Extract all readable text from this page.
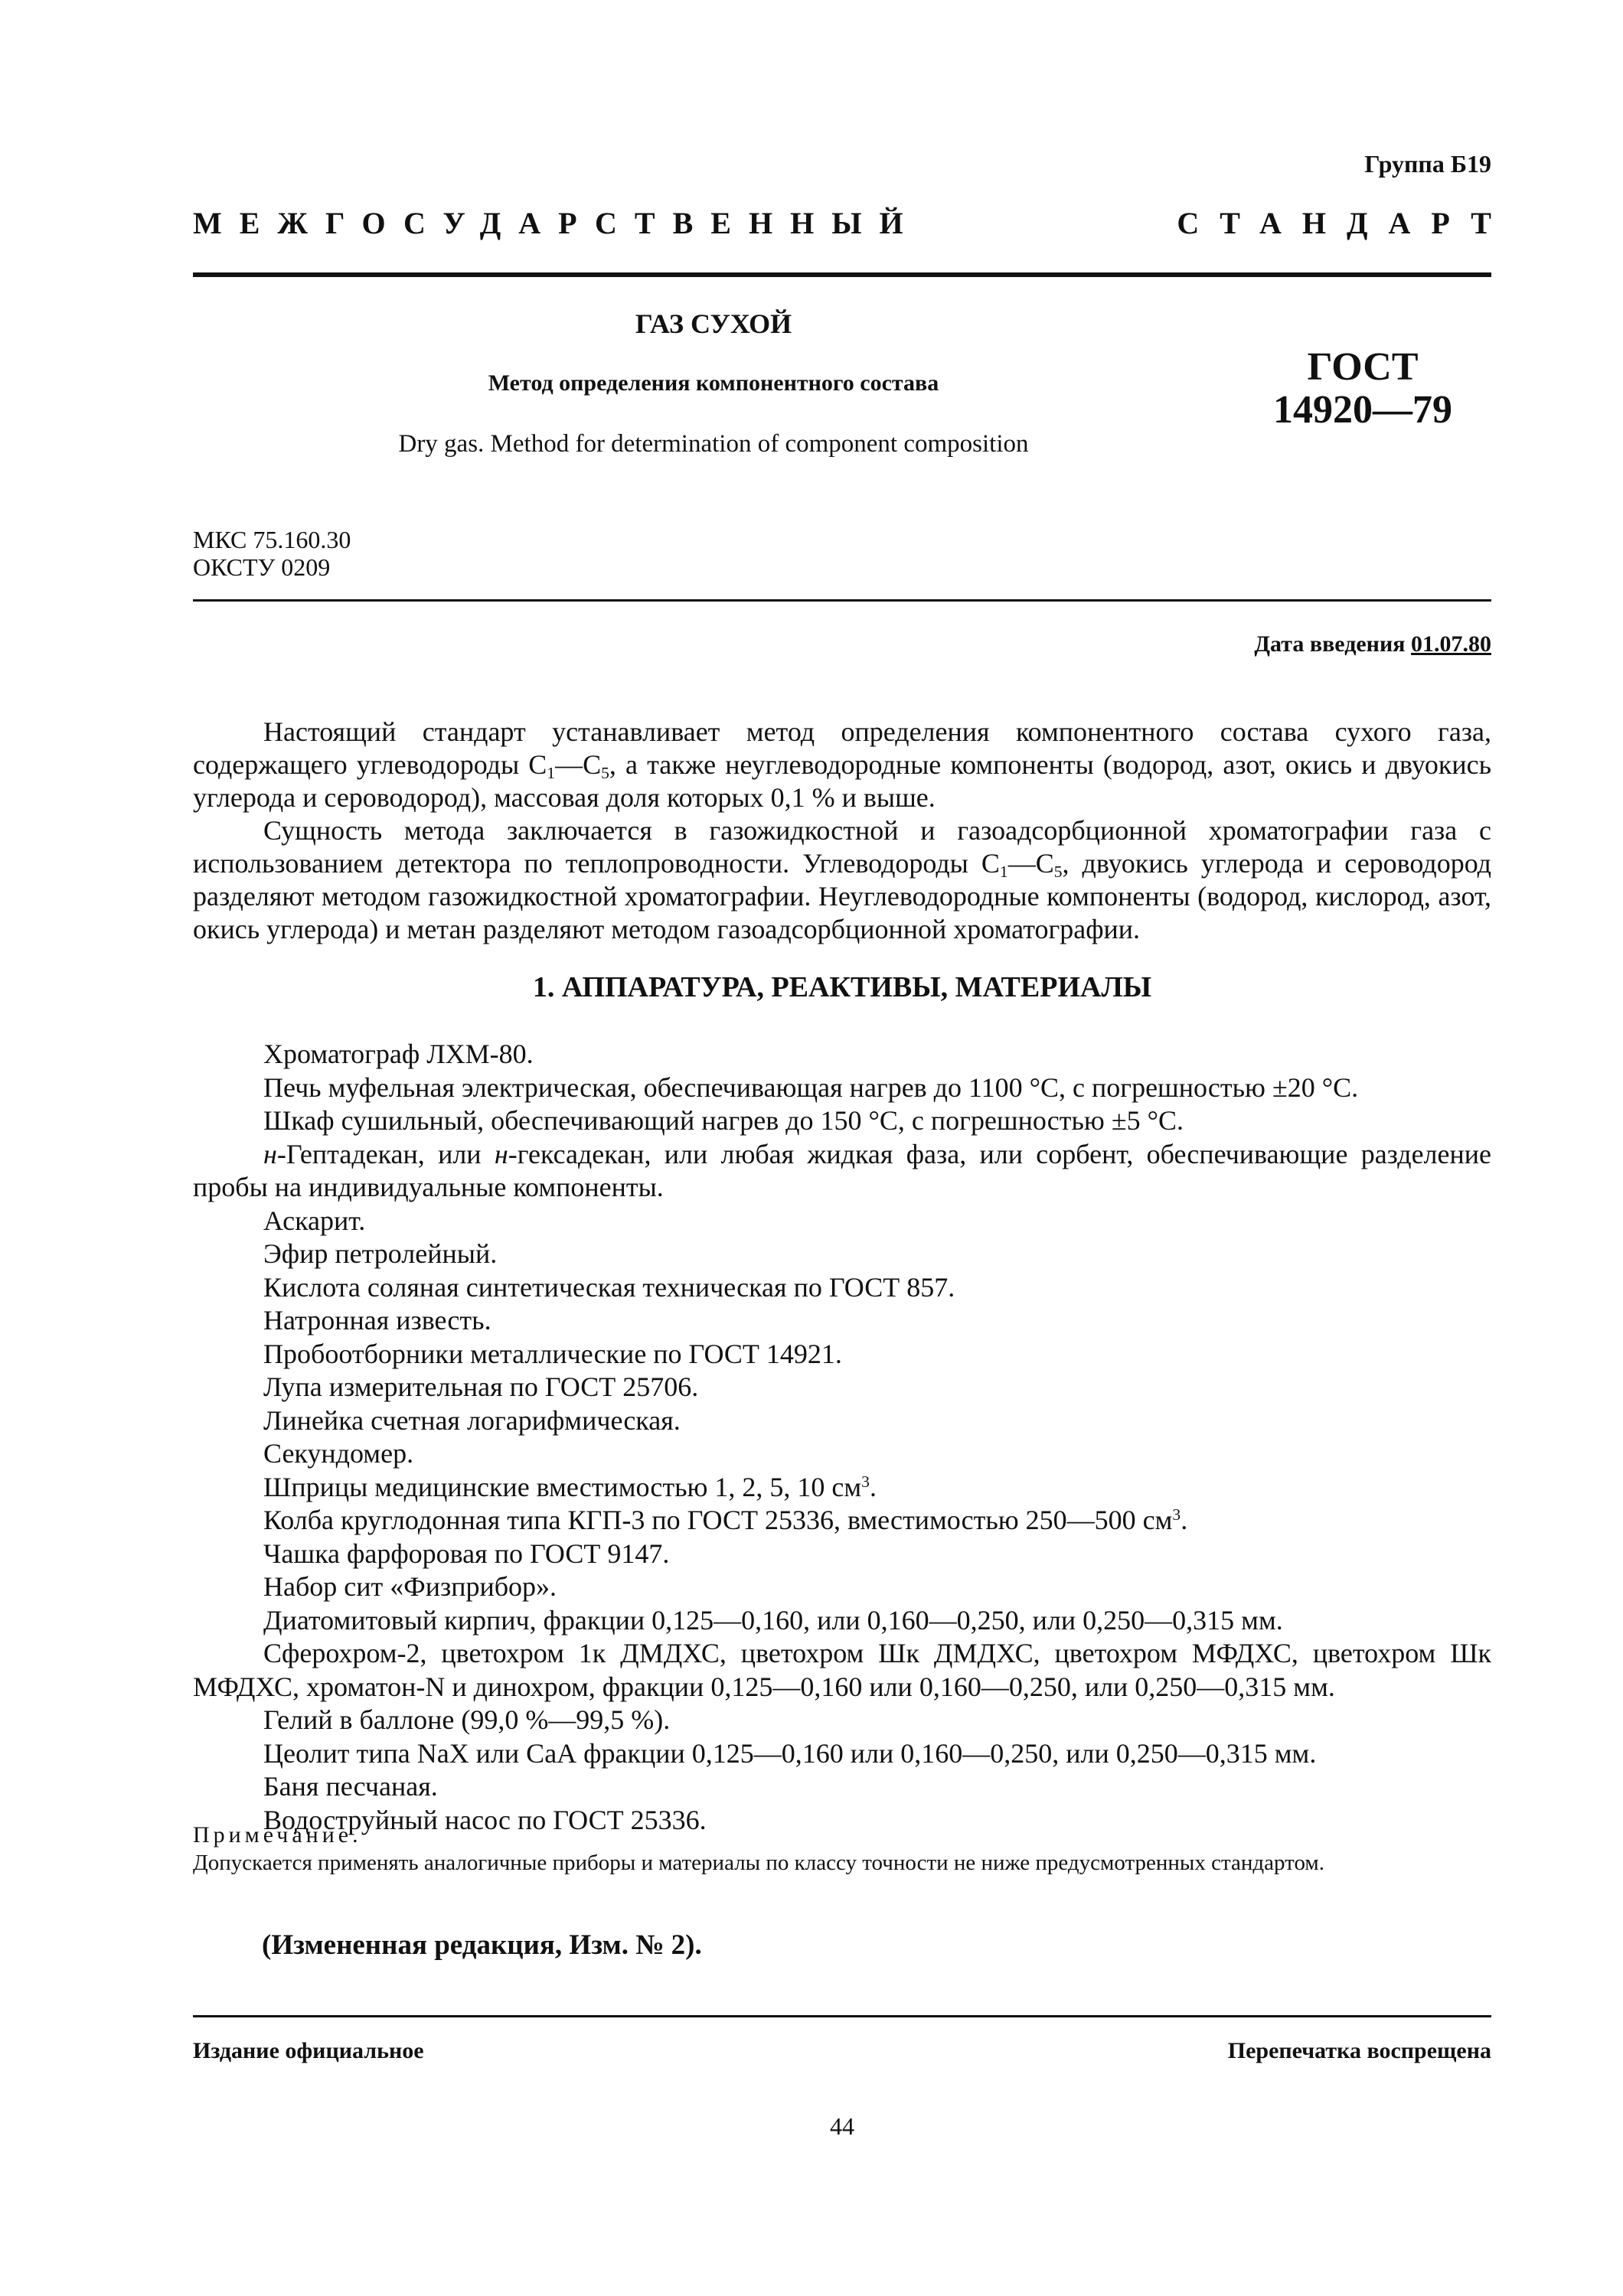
Группа Б19
МЕЖГОСУДАРСТВЕННЫЙ	СТАНДАРТ
ГАЗ СУХОЙ
Метод определения компонентного состава
Dry gas. Method for determination of component composition
ГОСТ
14920—79
МКС 75.160.30
ОКСТУ 0209
Дата введения 01.07.80

Настоящий стандарт устанавливает метод определения компонентного состава сухого газа, содержащего углеводороды $С_1—С_5$, а также неуглеводородные компоненты (водород, азот, окись и двуокись углерода и сероводород), массовая доля которых 0,1 % и выше.

Сущность метода заключается в газожидкостной и газоадсорбционной хроматографии газа с использованием детектора по теплопроводности. Углеводороды $С_1—С_5$, двуокись углерода и сероводород разделяют методом газожидкостной хроматографии. Неуглеводородные компоненты (водород, кислород, азот, окись углерода) и метан разделяют методом газоадсорбционной хроматографии.

1. АППАРАТУРА, РЕАКТИВЫ, МАТЕРИАЛЫ

Хроматограф ЛХМ-80.

Печь муфельная электрическая, обеспечивающая нагрев до 1100 °С, с погрешностью ±20 °С.

Шкаф сушильный, обеспечивающий нагрев до 150 °С, с погрешностью ±5 °С.

н-Гептадекан, или н-гексадекан, или любая жидкая фаза, или сорбент, обеспечивающие разделение пробы на индивидуальные компоненты.

Аскарит.

Эфир петролейный.

Кислота соляная синтетическая техническая по ГОСТ 857.

Натронная известь.

Пробоотборники металлические по ГОСТ 14921.

Лупа измерительная по ГОСТ 25706.

Линейка счетная логарифмическая.

Секундомер.

Шприцы медицинские вместимостью 1, 2, 5, 10 $см^3$.

Колба круглодонная типа КГП-3 по ГОСТ 25336, вместимостью 250—500 $см^3$.

Чашка фарфоровая по ГОСТ 9147.

Набор сит «Физприбор».

Диатомитовый кирпич, фракции 0,125—0,160, или 0,160—0,250, или 0,250—0,315 мм.

Сферохром-2, цветохром 1к ДМДХС, цветохром Шк ДМДХС, цветохром МФДХС, цветохром Шк МФДХС, хроматон-N и динохром, фракции 0,125—0,160 или 0,160—0,250, или 0,250—0,315 мм.

Гелий в баллоне (99,0 %—99,5 %).

Цеолит типа NaX или СаА фракции 0,125—0,160 или 0,160—0,250, или 0,250—0,315 мм.

Баня песчаная.

Водоструйный насос по ГОСТ 25336.

Примечание.

Допускается применять аналогичные приборы и материалы по классу точности не ниже предусмотренных стандартом.

(Измененная редакция, Изм. № 2).
Издание официальное	Перепечатка воспрещена
44
